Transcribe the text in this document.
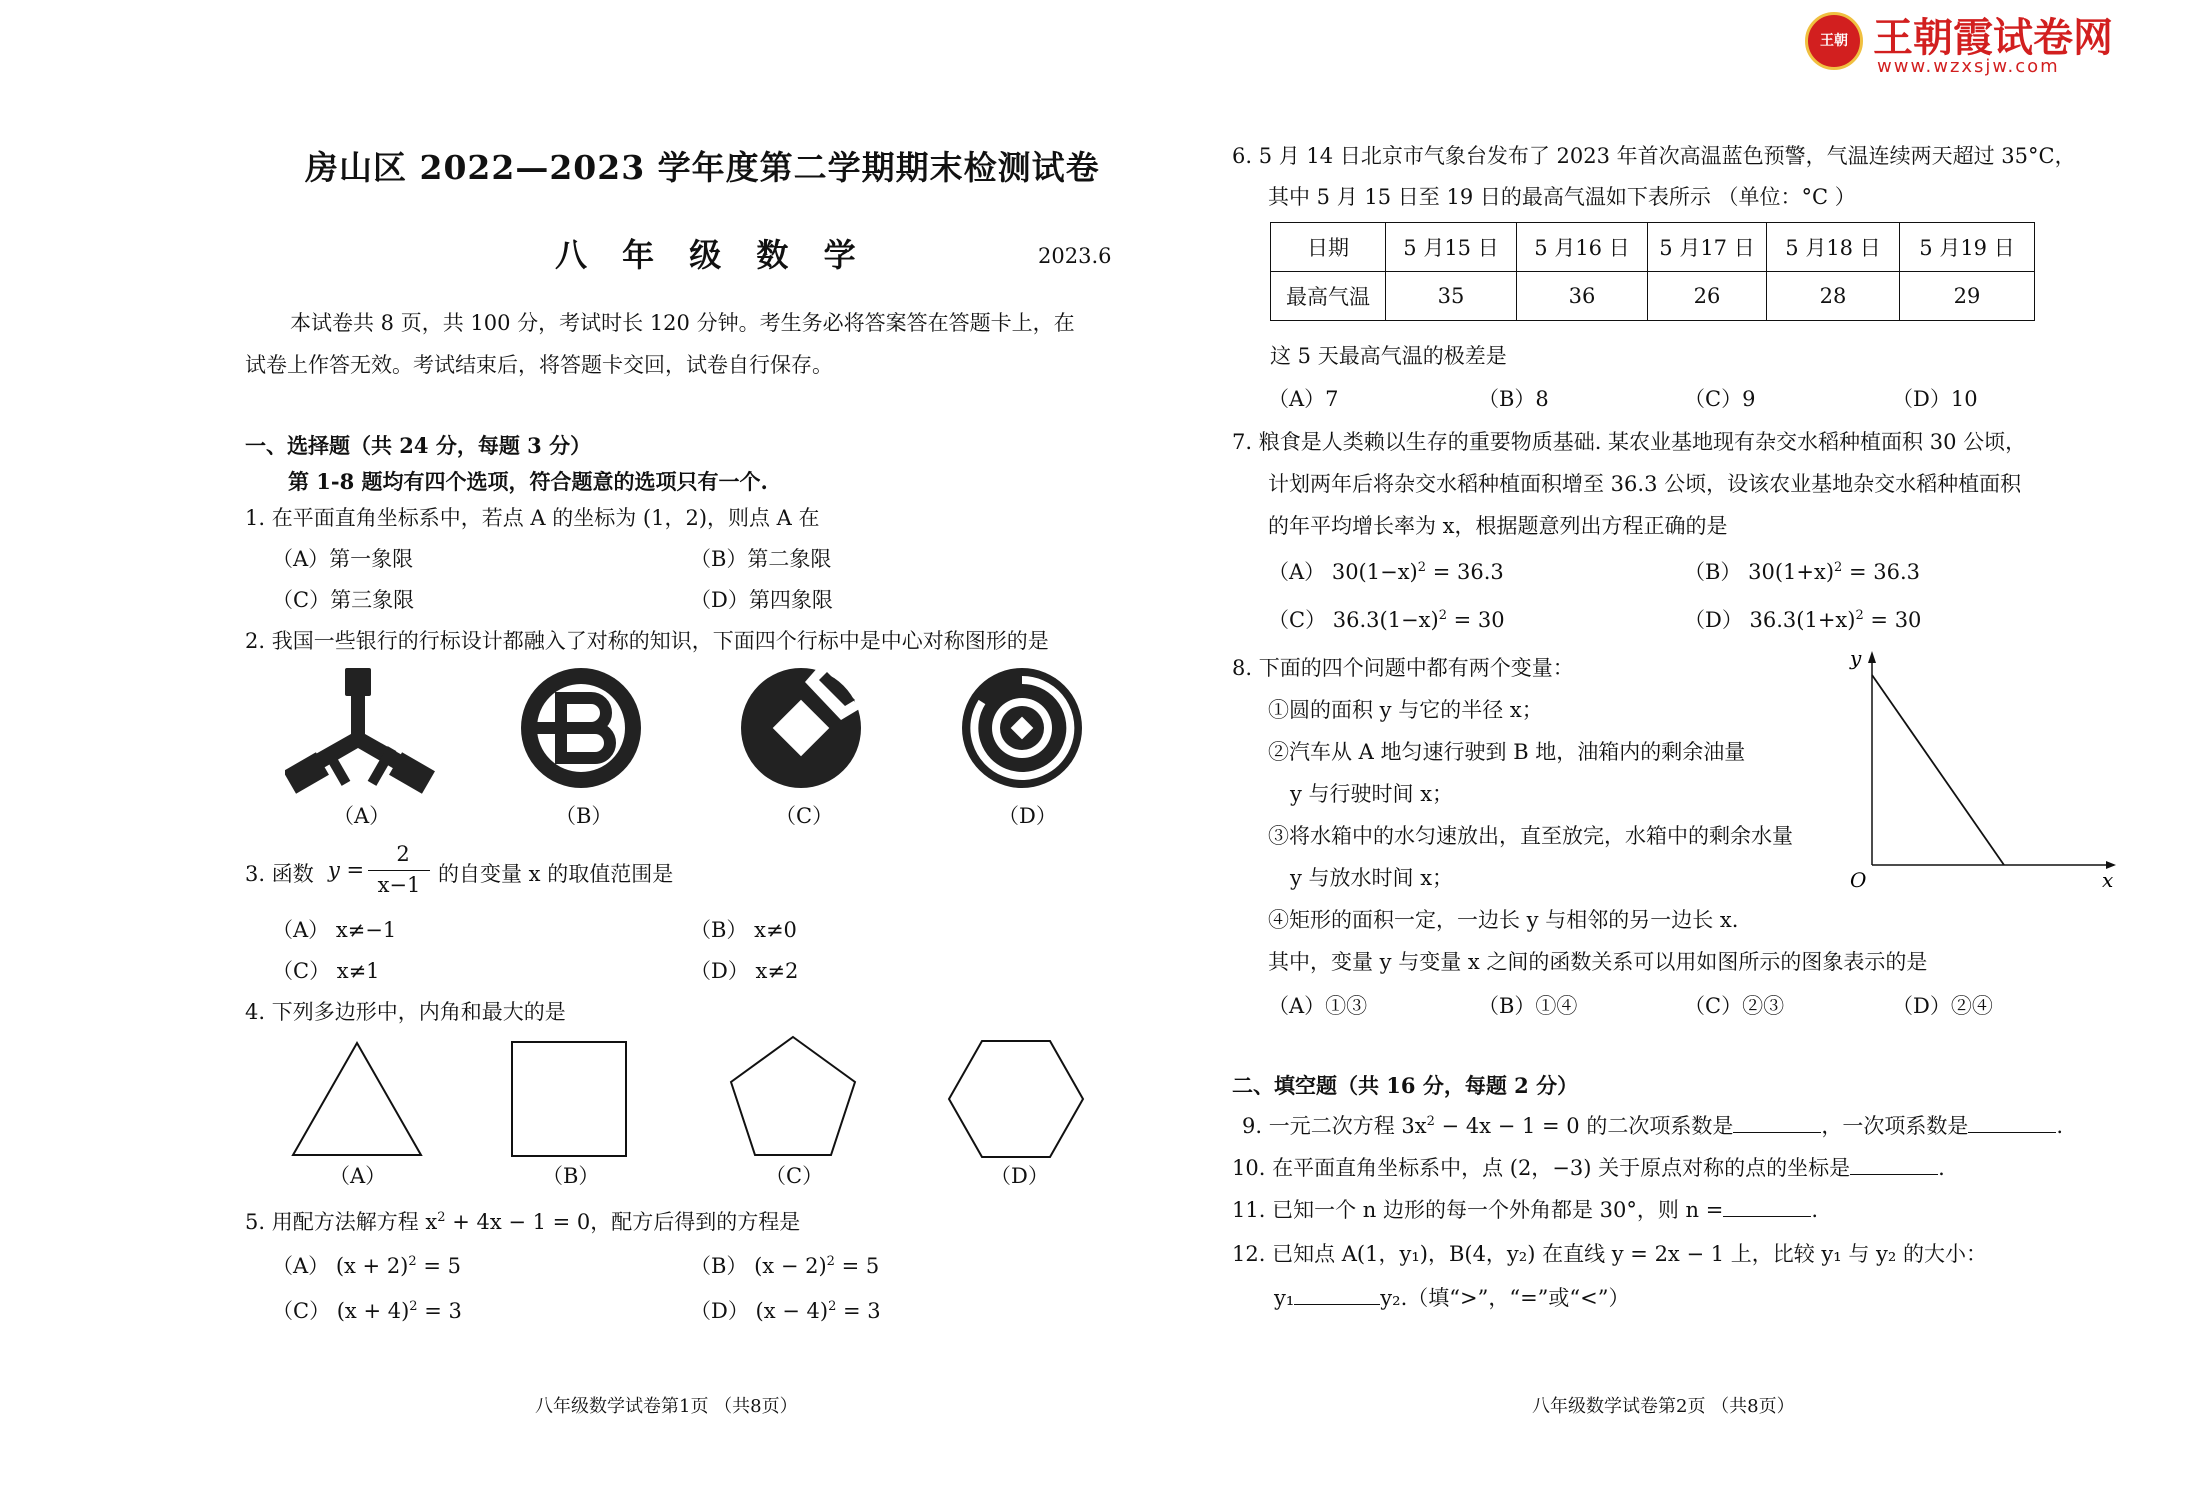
房山区 2022—2023 学年度第二学期期末检测试卷
八 年 级 数 学	2023.6
本试卷共 8 页，共 100 分，考试时长 120 分钟。考生务必将答案答在答题卡上，在
试卷上作答无效。考试结束后，将答题卡交回，试卷自行保存。
一、选择题（共 24 分，每题 3 分）
第 1-8 题均有四个选项，符合题意的选项只有一个.
1. 在平面直角坐标系中，若点 A 的坐标为 (1，2)，则点 A 在
（A）第一象限	（B）第二象限
（C）第三象限	（D）第四象限
2. 我国一些银行的行标设计都融入了对称的知识，下面四个行标中是中心对称图形的是
（A）	（B）	（C）	（D）
3. 函数 y =
2
x−1 的自变量 x 的取值范围是
（A） x≠−1	（B） x≠0
（C） x≠1	（D） x≠2
4. 下列多边形中，内角和最大的是
（A）	（B）	（C）	（D）
5. 用配方法解方程 $x^2 + 4x - 1 = 0$，配方后得到的方程是
（A） $(x + 2)^2 = 5$	（B） $(x - 2)^2 = 5$
（C） $(x + 4)^2 = 3$	（D） $(x - 4)^2 = 3$
八年级数学试卷第1页 （共8页）
王朝 王朝霞试卷网
www.wzxsjw.com
6. 5 月 14 日北京市气象台发布了 2023 年首次高温蓝色预警，气温连续两天超过 35°C，
其中 5 月 15 日至 19 日的最高气温如下表所示 （单位：°C ）
日期	5 月15 日	5 月16 日	5 月17 日	5 月18 日	5 月19 日
最高气温	35	36	26	28	29
这 5 天最高气温的极差是
（A）7	（B）8	（C）9	（D）10
7. 粮食是人类赖以生存的重要物质基础. 某农业基地现有杂交水稻种植面积 30 公顷，
计划两年后将杂交水稻种植面积增至 36.3 公顷，设该农业基地杂交水稻种植面积
的年平均增长率为 x，根据题意列出方程正确的是
（A） $30(1-x)^2 = 36.3$	（B） $30(1+x)^2 = 36.3$
（C） $36.3(1-x)^2 = 30$	（D） $36.3(1+x)^2 = 30$
8. 下面的四个问题中都有两个变量：
①圆的面积 y 与它的半径 x；
②汽车从 A 地匀速行驶到 B 地，油箱内的剩余油量
y 与行驶时间 x；
③将水箱中的水匀速放出，直至放完，水箱中的剩余水量
y 与放水时间 x；
④矩形的面积一定，一边长 y 与相邻的另一边长 x.
其中，变量 y 与变量 x 之间的函数关系可以用如图所示的图象表示的是
y
x
O
（A）①③	（B）①④	（C）②③	（D）②④
二、填空题（共 16 分，每题 2 分）
9. 一元二次方程 $3x^2 - 4x - 1 = 0$ 的二次项系数是	，一次项系数是	.
10. 在平面直角坐标系中，点 (2，−3) 关于原点对称的点的坐标是	.
11. 已知一个 n 边形的每一个外角都是 30°，则 n =	.
12. 已知点 A(1，y₁)，B(4，y₂) 在直线 y = 2x − 1 上，比较 y₁ 与 y₂ 的大小：
y₁	y₂.（填“>”，“=”或“<”）
八年级数学试卷第2页 （共8页）
